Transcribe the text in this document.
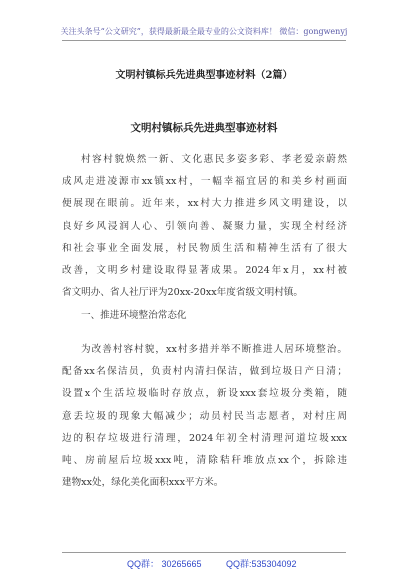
关注头条号“公文研究”，获得最新最全最专业的公文资料库！ 微信：gongwenyj
文明村镇标兵先进典型事迹材料（2篇）
文明村镇标兵先进典型事迹材料
村容村貌焕然一新、文化惠民多姿多彩、孝老爱亲蔚然
成风走进凌源市xx镇xx村，一幅幸福宜居的和美乡村画面
便展现在眼前。近年来，xx村大力推进乡风文明建设，以
良好乡风浸润人心、引领向善、凝聚力量，实现全村经济
和社会事业全面发展，村民物质生活和精神生活有了很大
改善，文明乡村建设取得显著成果。2024年x月，xx村被
省文明办、省人社厅评为20xx-20xx年度省级文明村镇。
一、推进环境整治常态化
为改善村容村貌，xx村多措并举不断推进人居环境整治。
配备xx名保洁员，负责村内清扫保洁，做到垃圾日产日清；
设置x个生活垃圾临时存放点，新设xxx套垃圾分类箱，随
意丢垃圾的现象大幅减少；动员村民当志愿者，对村庄周
边的积存垃圾进行清理，2024年初全村清理河道垃圾xxx
吨、房前屋后垃圾xxx吨，清除秸秆堆放点xx个，拆除违
建物xx处，绿化美化面积xxx平方米。
QQ群： 30265665	QQ群:535304092
